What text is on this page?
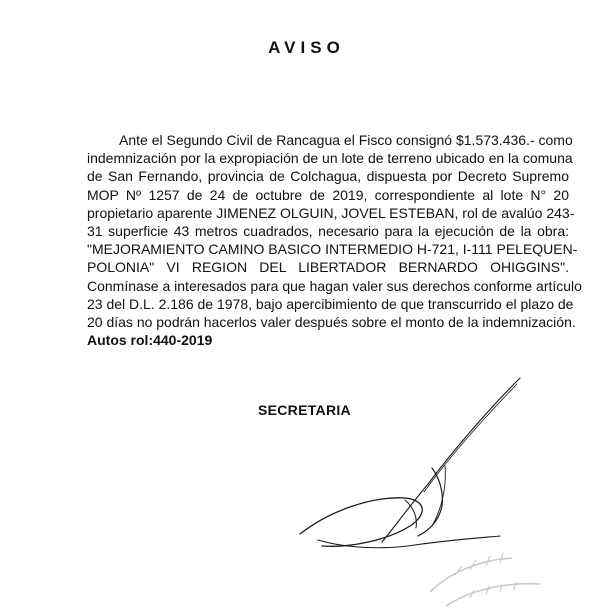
AVISO
Ante el Segundo Civil de Rancagua el Fisco consignó $1.573.436.- como
indemnización por la expropiación de un lote de terreno ubicado en la comuna
de San Fernando, provincia de Colchagua, dispuesta por Decreto Supremo
MOP Nº 1257 de 24 de octubre de 2019, correspondiente al lote N° 20
propietario aparente JIMENEZ OLGUIN, JOVEL ESTEBAN, rol de avalúo 243-
31 superficie 43 metros cuadrados, necesario para la ejecución de la obra:
"MEJORAMIENTO CAMINO BASICO INTERMEDIO H-721, I-111 PELEQUEN-
POLONIA" VI REGION DEL LIBERTADOR BERNARDO OHIGGINS".
Conmínase a interesados para que hagan valer sus derechos conforme artículo
23 del D.L. 2.186 de 1978, bajo apercibimiento de que transcurrido el plazo de
20 días no podrán hacerlos valer después sobre el monto de la indemnización.
Autos rol:440-2019
SECRETARIA
